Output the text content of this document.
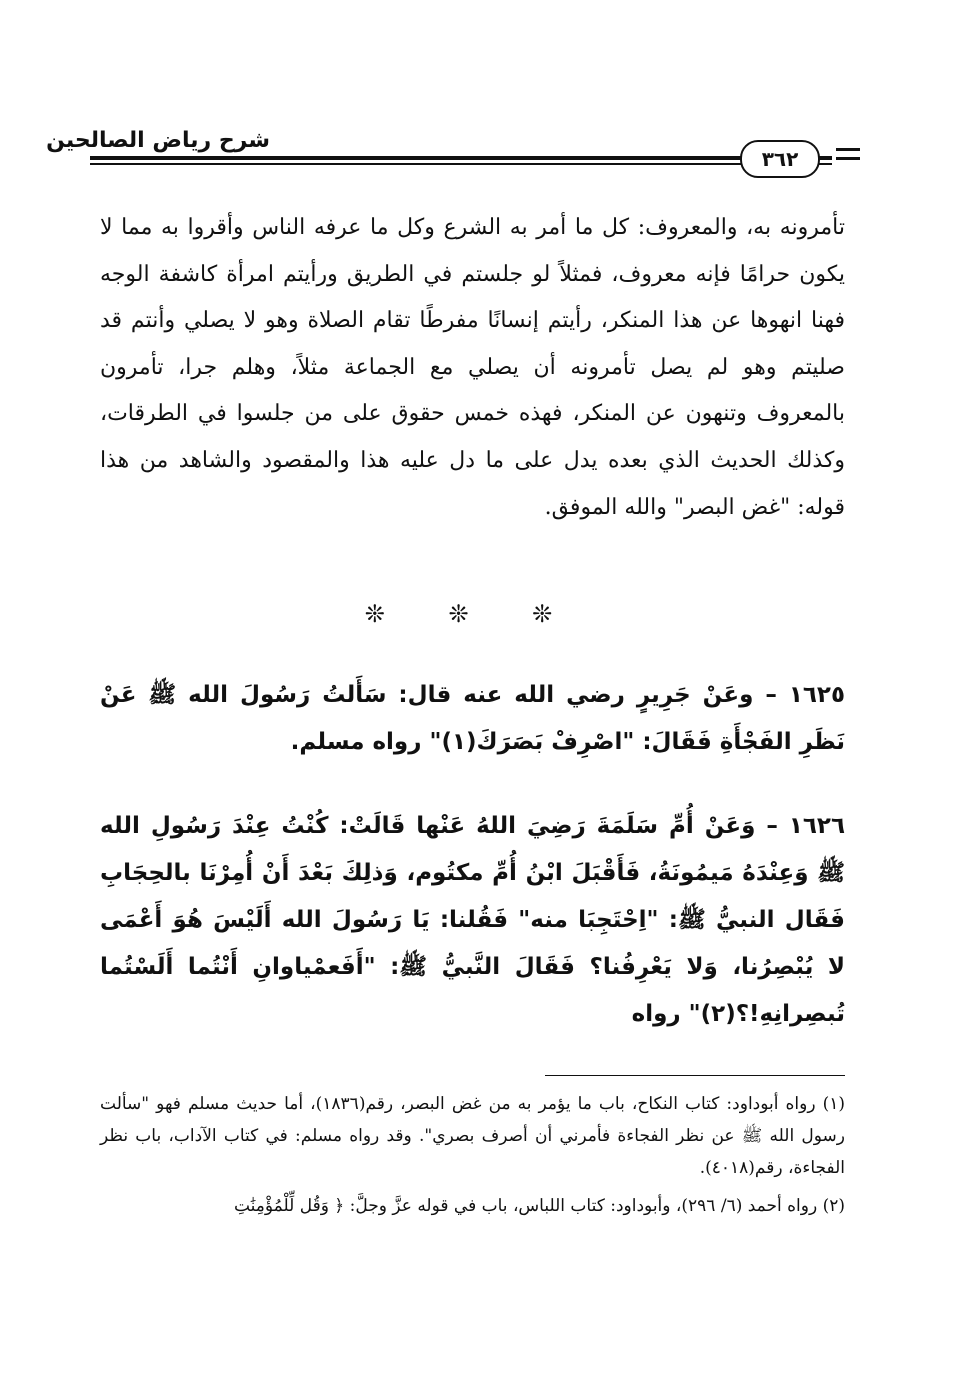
شرح رياض الصالحين
٣٦٢

تأمرونه به، والمعروف: كل ما أمر به الشرع وكل ما عرفه الناس وأقروا به مما لا يكون حرامًا فإنه معروف، فمثلاً لو جلستم في الطريق ورأيتم امرأة كاشفة الوجه فهنا انهوها عن هذا المنكر، رأيتم إنسانًا مفرطًا تقام الصلاة وهو لا يصلي وأنتم قد صليتم وهو لم يصل تأمرونه أن يصلي مع الجماعة مثلاً، وهلم جرا، تأمرون بالمعروف وتنهون عن المنكر، فهذه خمس حقوق على من جلسوا في الطرقات، وكذلك الحديث الذي بعده يدل على ما دل عليه هذا والمقصود والشاهد من هذا قوله: "غض البصر" والله الموفق.

❊ ❊ ❊

١٦٢٥ – وعَنْ جَرِيرٍ رضي الله عنه قال: سَأَلتُ رَسُولَ الله ﷺ عَنْ نَظَرِ الفَجْأَةِ فَقَالَ: "اصْرِفْ بَصَرَكَ(١)" رواه مسلم.

١٦٢٦ – وَعَنْ أُمِّ سَلَمَةَ رَضِيَ اللهُ عَنْها قَالَتْ: كُنْتُ عِنْدَ رَسُولِ الله ﷺ وَعِنْدَهُ مَيمُونَةُ، فَأَقْبَلَ ابْنُ أُمِّ مكتُوم، وَذلِكَ بَعْدَ أَنْ أُمِرْنَا بالحِجَابِ فَقَال النبيُّ ﷺ: "اِحْتَجِبَا منه" فَقُلنا: يَا رَسُولَ الله أَلَيْسَ هُوَ أَعْمَى لا يُبْصِرُنا، وَلا يَعْرِفُنا؟ فَقَالَ النَّبيُّ ﷺ: "أَفَعمْياوانِ أَنْتُما أَلَسْتُما تُبصِرانِهِ!؟(٢)" رواه

(١) رواه أبوداود: كتاب النكاح، باب ما يؤمر به من غض البصر، رقم(١٨٣٦)، أما حديث مسلم فهو "سألت رسول الله ﷺ عن نظر الفجاءة فأمرني أن أصرف بصري". وقد رواه مسلم: في كتاب الآداب، باب نظر الفجاءة، رقم(٤٠١٨).

(٢) رواه أحمد (٦/ ٢٩٦)، وأبوداود: كتاب اللباس، باب في قوله عزَّ وجلَّ: ﴿ وَقُل لِّلْمُؤْمِنَٰتِ
